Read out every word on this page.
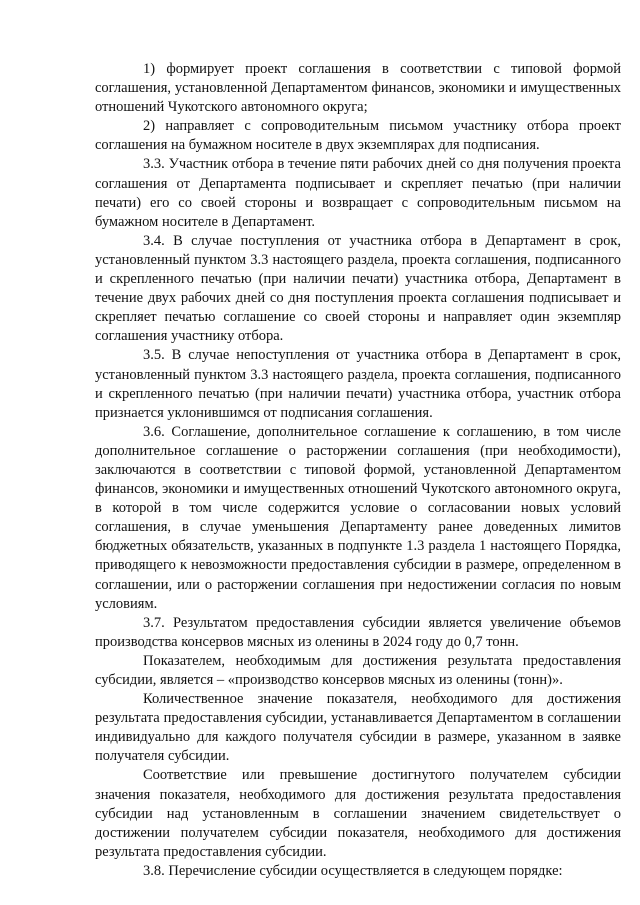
1) формирует проект соглашения в соответствии с типовой формой соглашения, установленной Департаментом финансов, экономики и имущественных отношений Чукотского автономного округа;

2) направляет с сопроводительным письмом участнику отбора проект соглашения на бумажном носителе в двух экземплярах для подписания.

3.3. Участник отбора в течение пяти рабочих дней со дня получения проекта соглашения от Департамента подписывает и скрепляет печатью (при наличии печати) его со своей стороны и возвращает с сопроводительным письмом на бумажном носителе в Департамент.

3.4. В случае поступления от участника отбора в Департамент в срок, установленный пунктом 3.3 настоящего раздела, проекта соглашения, подписанного и скрепленного печатью (при наличии печати) участника отбора, Департамент в течение двух рабочих дней со дня поступления проекта соглашения подписывает и скрепляет печатью соглашение со своей стороны и направляет один экземпляр соглашения участнику отбора.

3.5. В случае непоступления от участника отбора в Департамент в срок, установленный пунктом 3.3 настоящего раздела, проекта соглашения, подписанного и скрепленного печатью (при наличии печати) участника отбора, участник отбора признается уклонившимся от подписания соглашения.

3.6. Соглашение, дополнительное соглашение к соглашению, в том числе дополнительное соглашение о расторжении соглашения (при необходимости), заключаются в соответствии с типовой формой, установленной Департаментом финансов, экономики и имущественных отношений Чукотского автономного округа, в которой в том числе содержится условие о согласовании новых условий соглашения, в случае уменьшения Департаменту ранее доведенных лимитов бюджетных обязательств, указанных в подпункте 1.3 раздела 1 настоящего Порядка, приводящего к невозможности предоставления субсидии в размере, определенном в соглашении, или о расторжении соглашения при недостижении согласия по новым условиям.

3.7. Результатом предоставления субсидии является увеличение объемов производства консервов мясных из оленины в 2024 году до 0,7 тонн.

Показателем, необходимым для достижения результата предоставления субсидии, является – «производство консервов мясных из оленины (тонн)».

Количественное значение показателя, необходимого для достижения результата предоставления субсидии, устанавливается Департаментом в соглашении индивидуально для каждого получателя субсидии в размере, указанном в заявке получателя субсидии.

Соответствие или превышение достигнутого получателем субсидии значения показателя, необходимого для достижения результата предоставления субсидии над установленным в соглашении значением свидетельствует о достижении получателем субсидии показателя, необходимого для достижения результата предоставления субсидии.

3.8. Перечисление субсидии осуществляется в следующем порядке:
